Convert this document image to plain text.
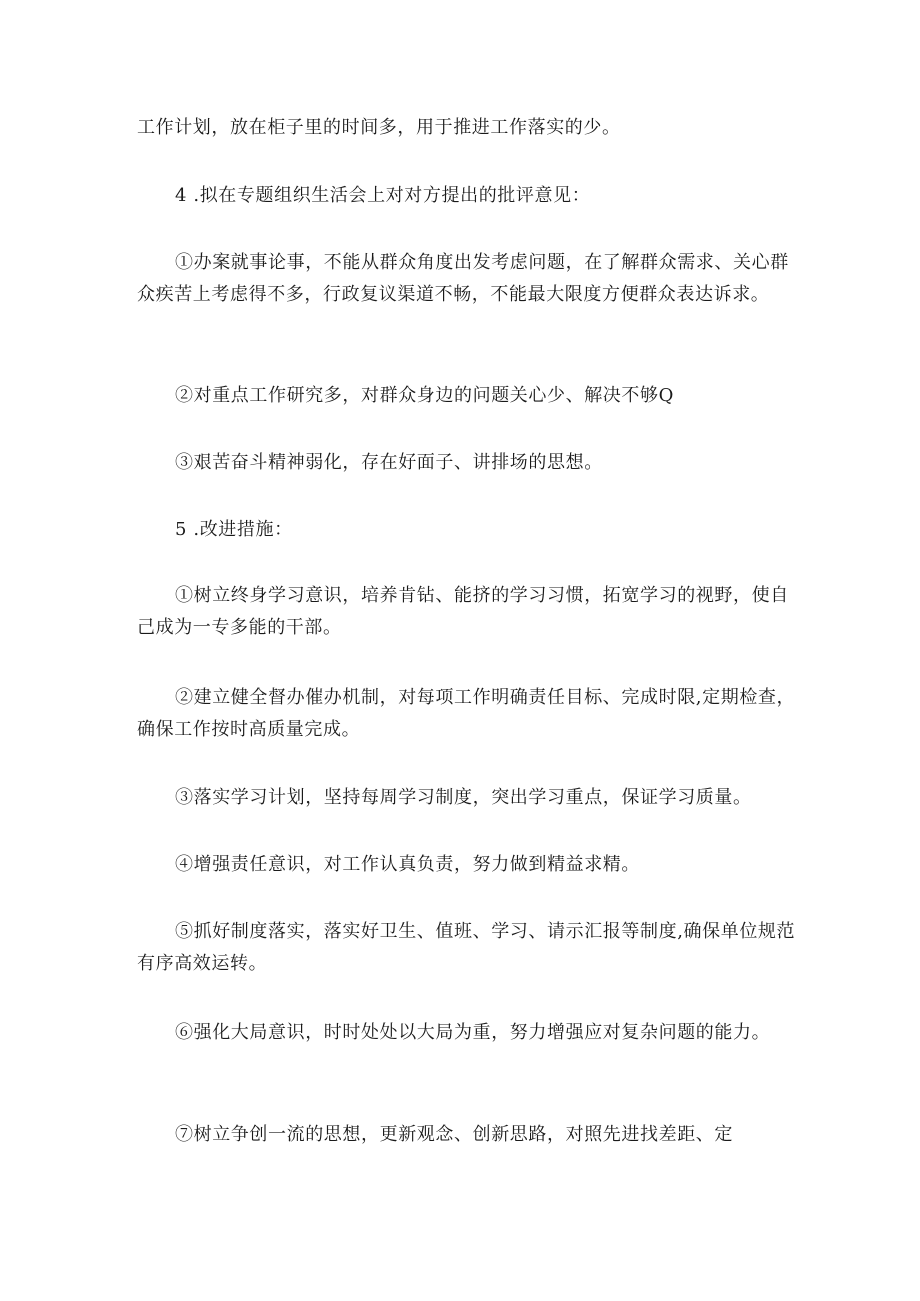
工作计划，放在柜子里的时间多，用于推进工作落实的少。

4 .拟在专题组织生活会上对对方提出的批评意见：

①办案就事论事，不能从群众角度出发考虑问题，在了解群众需求、关心群众疾苦上考虑得不多，行政复议渠道不畅，不能最大限度方便群众表达诉求。

②对重点工作研究多，对群众身边的问题关心少、解决不够Q

③艰苦奋斗精神弱化，存在好面子、讲排场的思想。

5 .改进措施：

①树立终身学习意识，培养肯钻、能挤的学习习惯，拓宽学习的视野，使自己成为一专多能的干部。

②建立健全督办催办机制，对每项工作明确责任目标、完成时限,定期检查，确保工作按时高质量完成。

③落实学习计划，坚持每周学习制度，突出学习重点，保证学习质量。

④增强责任意识，对工作认真负责，努力做到精益求精。

⑤抓好制度落实，落实好卫生、值班、学习、请示汇报等制度,确保单位规范有序高效运转。

⑥强化大局意识，时时处处以大局为重，努力增强应对复杂问题的能力。

⑦树立争创一流的思想，更新观念、创新思路，对照先进找差距、定
